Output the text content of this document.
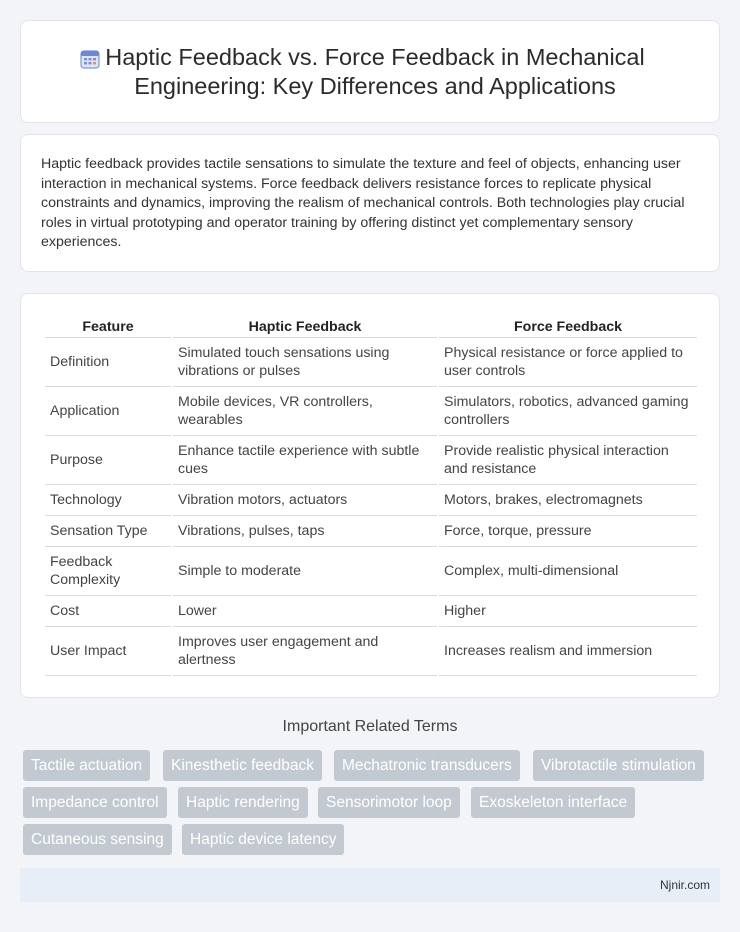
Haptic Feedback vs. Force Feedback in Mechanical Engineering: Key Differences and Applications

Haptic feedback provides tactile sensations to simulate the texture and feel of objects, enhancing user interaction in mechanical systems. Force feedback delivers resistance forces to replicate physical constraints and dynamics, improving the realism of mechanical controls. Both technologies play crucial roles in virtual prototyping and operator training by offering distinct yet complementary sensory experiences.

Feature	Haptic Feedback	Force Feedback
Definition	Simulated touch sensations using vibrations or pulses	Physical resistance or force applied to user controls
Application	Mobile devices, VR controllers, wearables	Simulators, robotics, advanced gaming controllers
Purpose	Enhance tactile experience with subtle cues	Provide realistic physical interaction and resistance
Technology	Vibration motors, actuators	Motors, brakes, electromagnets
Sensation Type	Vibrations, pulses, taps	Force, torque, pressure
Feedback Complexity	Simple to moderate	Complex, multi-dimensional
Cost	Lower	Higher
User Impact	Improves user engagement and alertness	Increases realism and immersion
Important Related Terms
Tactile actuation	Kinesthetic feedback	Mechatronic transducers	Vibrotactile stimulation
Impedance control	Haptic rendering	Sensorimotor loop	Exoskeleton interface
Cutaneous sensing	Haptic device latency
Njnir.com
